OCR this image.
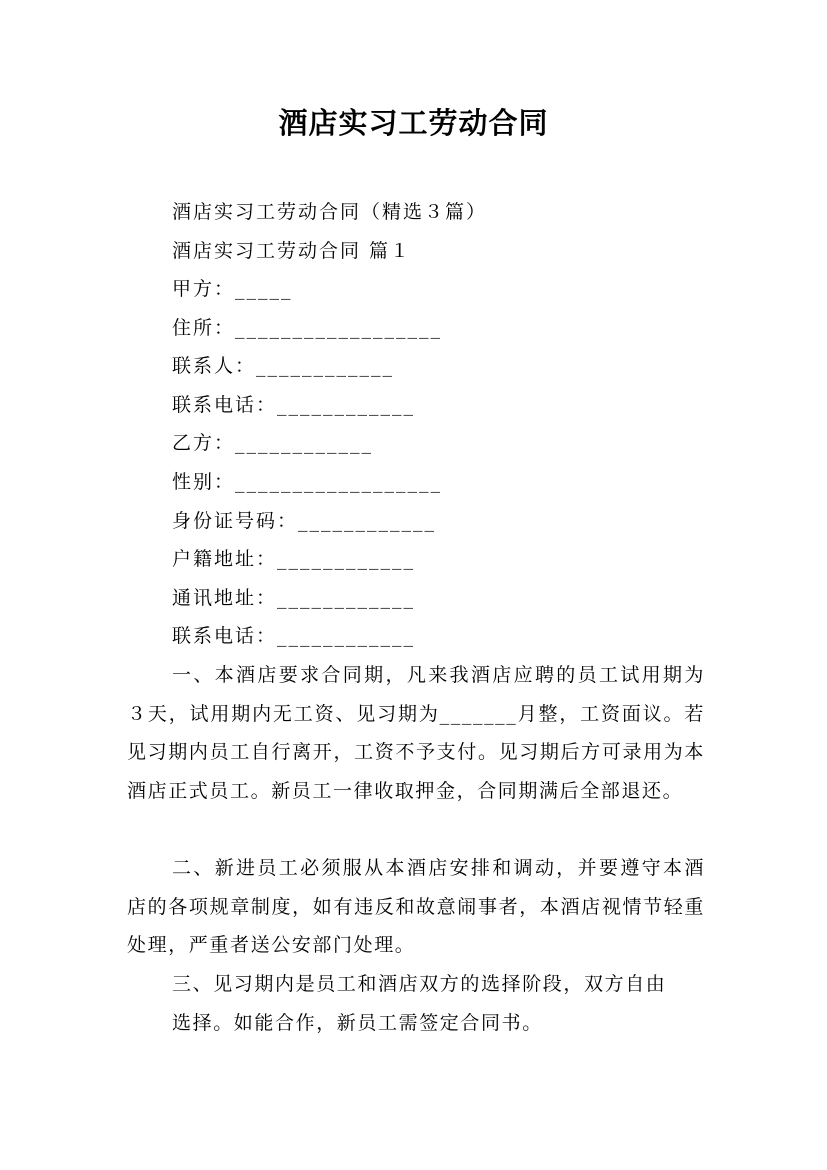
酒店实习工劳动合同

酒店实习工劳动合同（精选３篇）

酒店实习工劳动合同 篇１

甲方：_____

住所：__________________

联系人：____________

联系电话：____________

乙方：____________

性别：__________________

身份证号码：____________

户籍地址：____________

通讯地址：____________

联系电话：____________

一、本酒店要求合同期，凡来我酒店应聘的员工试用期为３天，试用期内无工资、见习期为_______月整，工资面议。若见习期内员工自行离开，工资不予支付。见习期后方可录用为本酒店正式员工。新员工一律收取押金，合同期满后全部退还。

二、新进员工必须服从本酒店安排和调动，并要遵守本酒店的各项规章制度，如有违反和故意闹事者，本酒店视情节轻重处理，严重者送公安部门处理。

三、见习期内是员工和酒店双方的选择阶段，双方自由
选择。如能合作，新员工需签定合同书。
